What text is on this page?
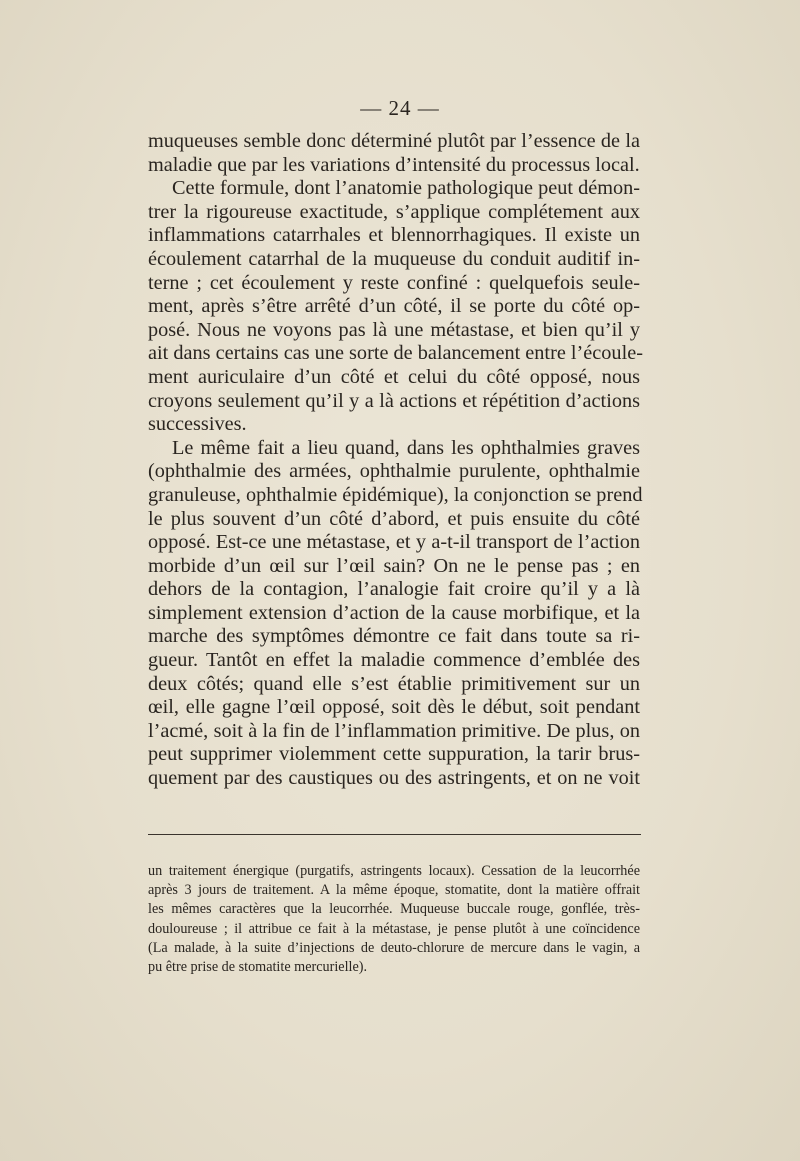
— 24 —
muqueuses semble donc déterminé plutôt par l’essence de la
maladie que par les variations d’intensité du processus local.
Cette formule, dont l’anatomie pathologique peut démon-
trer la rigoureuse exactitude, s’applique complétement aux
inflammations catarrhales et blennorrhagiques. Il existe un
écoulement catarrhal de la muqueuse du conduit auditif in-
terne ; cet écoulement y reste confiné : quelquefois seule-
ment, après s’être arrêté d’un côté, il se porte du côté op-
posé. Nous ne voyons pas là une métastase, et bien qu’il y
ait dans certains cas une sorte de balancement entre l’écoule-
ment auriculaire d’un côté et celui du côté opposé, nous
croyons seulement qu’il y a là actions et répétition d’actions
successives.
Le même fait a lieu quand, dans les ophthalmies graves
(ophthalmie des armées, ophthalmie purulente, ophthalmie
granuleuse, ophthalmie épidémique), la conjonction se prend
le plus souvent d’un côté d’abord, et puis ensuite du côté
opposé. Est-ce une métastase, et y a-t-il transport de l’action
morbide d’un œil sur l’œil sain? On ne le pense pas ; en
dehors de la contagion, l’analogie fait croire qu’il y a là
simplement extension d’action de la cause morbifique, et la
marche des symptômes démontre ce fait dans toute sa ri-
gueur. Tantôt en effet la maladie commence d’emblée des
deux côtés; quand elle s’est établie primitivement sur un
œil, elle gagne l’œil opposé, soit dès le début, soit pendant
l’acmé, soit à la fin de l’inflammation primitive. De plus, on
peut supprimer violemment cette suppuration, la tarir brus-
quement par des caustiques ou des astringents, et on ne voit
un traitement énergique (purgatifs, astringents locaux). Cessation de la leucorrhée
après 3 jours de traitement. A la même époque, stomatite, dont la matière offrait
les mêmes caractères que la leucorrhée. Muqueuse buccale rouge, gonflée, très-
douloureuse ; il attribue ce fait à la métastase, je pense plutôt à une coïncidence
(La malade, à la suite d’injections de deuto-chlorure de mercure dans le vagin, a
pu être prise de stomatite mercurielle).
